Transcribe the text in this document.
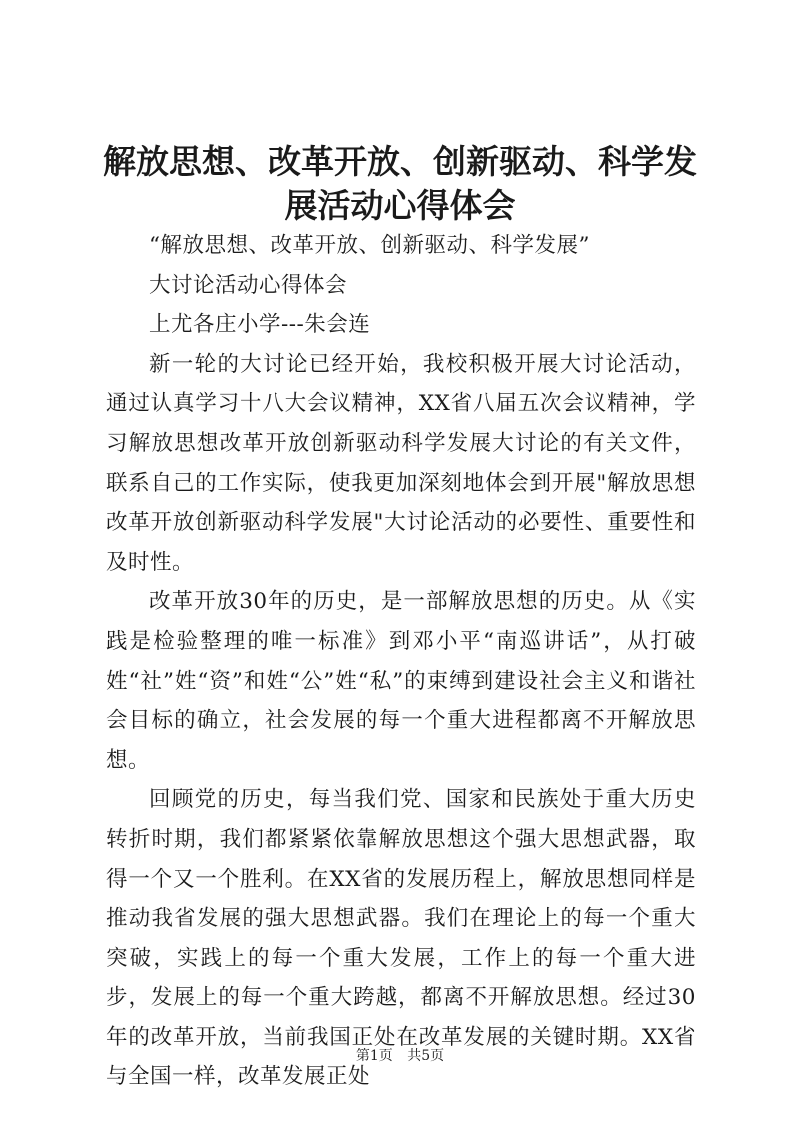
解放思想、改革开放、创新驱动、科学发展活动心得体会

“解放思想、改革开放、创新驱动、科学发展”

大讨论活动心得体会

上尤各庄小学---朱会连

新一轮的大讨论已经开始，我校积极开展大讨论活动，通过认真学习十八大会议精神，XX省八届五次会议精神，学习解放思想改革开放创新驱动科学发展大讨论的有关文件，联系自己的工作实际，使我更加深刻地体会到开展"解放思想改革开放创新驱动科学发展"大讨论活动的必要性、重要性和及时性。

改革开放30年的历史，是一部解放思想的历史。从《实践是检验整理的唯一标准》到邓小平“南巡讲话”，从打破姓“社”姓“资”和姓“公”姓“私”的束缚到建设社会主义和谐社会目标的确立，社会发展的每一个重大进程都离不开解放思想。

回顾党的历史，每当我们党、国家和民族处于重大历史转折时期，我们都紧紧依靠解放思想这个强大思想武器，取得一个又一个胜利。在XX省的发展历程上，解放思想同样是推动我省发展的强大思想武器。我们在理论上的每一个重大突破，实践上的每一个重大发展，工作上的每一个重大进步，发展上的每一个重大跨越，都离不开解放思想。经过30年的改革开放，当前我国正处在改革发展的关键时期。XX省与全国一样，改革发展正处

第1页 共5页
